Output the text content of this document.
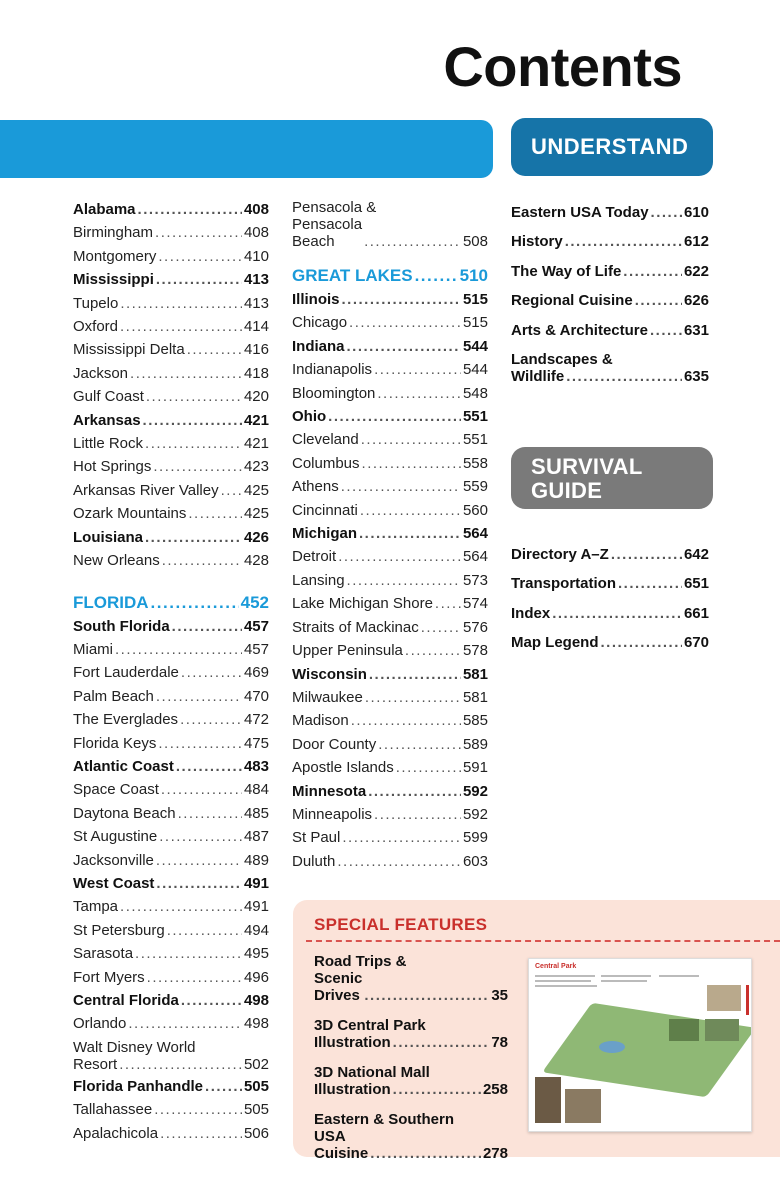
Contents
UNDERSTAND
SURVIVAL
GUIDE
Alabama .....	408
Birmingham .....	408
Montgomery .....	410
Mississippi .....	413
Tupelo .....	413
Oxford .....	414
Mississippi Delta .....	416
Jackson .....	418
Gulf Coast .....	420
Arkansas .....	421
Little Rock .....	421
Hot Springs .....	423
Arkansas River Valley ..... 425
Ozark Mountains .....	425
Louisiana .....	426
New Orleans .....	428
FLORIDA .....	452
South Florida .....	457
Miami .....	457
Fort Lauderdale .....	469
Palm Beach .....	470
The Everglades .....	472
Florida Keys .....	475
Atlantic Coast .....	483
Space Coast .....	484
Daytona Beach .....	485
St Augustine .....	487
Jacksonville .....	489
West Coast .....	491
Tampa .....	491
St Petersburg .....	494
Sarasota .....	495
Fort Myers .....	496
Central Florida .....	498
Orlando .....	498
Walt Disney World
Resort .....	502
Florida Panhandle .....	505
Tallahassee .....	505
Apalachicola .....	506
Pensacola &
Pensacola Beach .....	508
GREAT LAKES .....	510
Illinois .....	515
Chicago .....	515
Indiana .....	544
Indianapolis .....	544
Bloomington .....	548
Ohio .....	551
Cleveland .....	551
Columbus .....	558
Athens .....	559
Cincinnati .....	560
Michigan .....	564
Detroit .....	564
Lansing .....	573
Lake Michigan Shore ..... 574
Straits of Mackinac .....	576
Upper Peninsula .....	578
Wisconsin .....	581
Milwaukee .....	581
Madison .....	585
Door County .....	589
Apostle Islands .....	591
Minnesota .....	592
Minneapolis .....	592
St Paul .....	599
Duluth .....	603
Eastern USA Today ..... 610
History .....	612
The Way of Life .....	622
Regional Cuisine .....	626
Arts & Architecture ..... 631
Landscapes &
Wildlife .....	635
Directory A–Z .....	642
Transportation .....	651
Index .....	661
Map Legend .....	670
SPECIAL FEATURES
Road Trips &
Scenic Drives .....	35
3D Central Park
Illustration .....	78
3D National Mall
Illustration .....	258
Eastern & Southern
USA Cuisine .....	278
Central Park
